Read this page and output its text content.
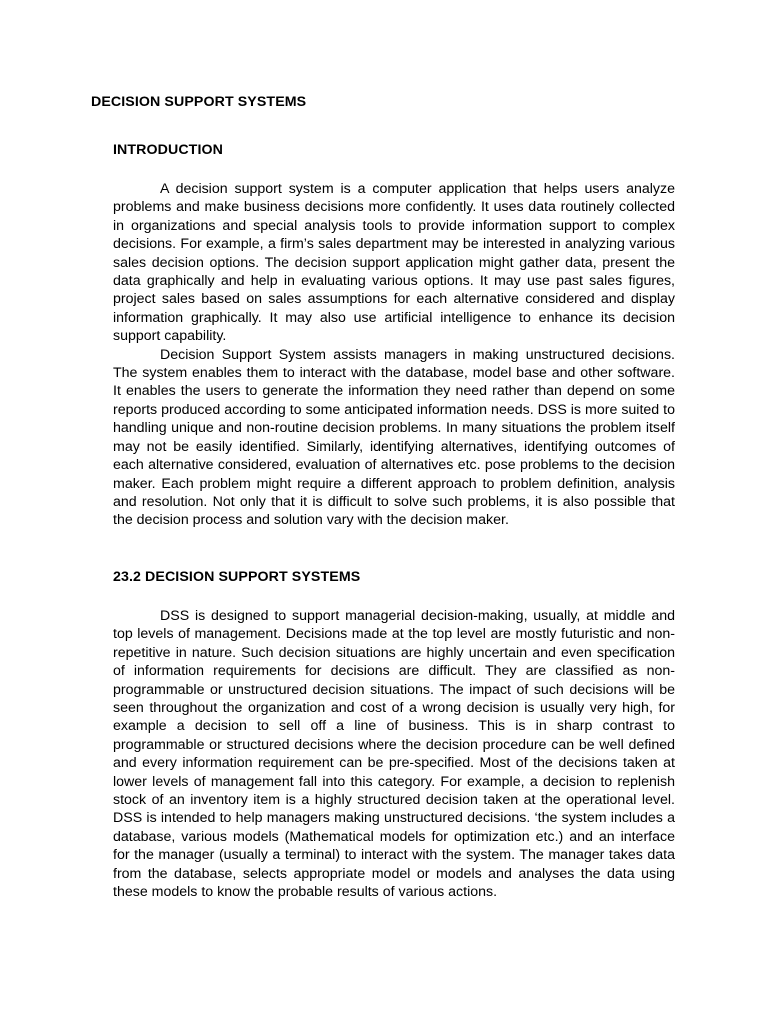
DECISION SUPPORT SYSTEMS
INTRODUCTION

A decision support system is a computer application that helps users analyze problems and make business decisions more confidently. It uses data routinely collected in organizations and special analysis tools to provide information support to complex decisions. For example, a firm’s sales department may be interested in analyzing various sales decision options. The decision support application might gather data, present the data graphically and help in evaluating various options. It may use past sales figures, project sales based on sales assumptions for each alternative considered and display information graphically. It may also use artificial intelligence to enhance its decision support capability.

Decision Support System assists managers in making unstructured decisions. The system enables them to interact with the database, model base and other software. It enables the users to generate the information they need rather than depend on some reports produced according to some anticipated information needs. DSS is more suited to handling unique and non-routine decision problems. In many situations the problem itself may not be easily identified. Similarly, identifying alternatives, identifying outcomes of each alternative considered, evaluation of alternatives etc. pose problems to the decision maker. Each problem might require a different approach to problem definition, analysis and resolution. Not only that it is difficult to solve such problems, it is also possible that the decision process and solution vary with the decision maker.

23.2 DECISION SUPPORT SYSTEMS

DSS is designed to support managerial decision-making, usually, at middle and top levels of management. Decisions made at the top level are mostly futuristic and non-repetitive in nature. Such decision situations are highly uncertain and even specification of information requirements for decisions are difficult. They are classified as non-programmable or unstructured decision situations. The impact of such decisions will be seen throughout the organization and cost of a wrong decision is usually very high, for example a decision to sell off a line of business. This is in sharp contrast to programmable or structured decisions where the decision procedure can be well defined and every information requirement can be pre-specified. Most of the decisions taken at lower levels of management fall into this category. For example, a decision to replenish stock of an inventory item is a highly structured decision taken at the operational level. DSS is intended to help managers making unstructured decisions. ‘the system includes a database, various models (Mathematical models for optimization etc.) and an interface for the manager (usually a terminal) to interact with the system. The manager takes data from the database, selects appropriate model or models and analyses the data using these models to know the probable results of various actions.
